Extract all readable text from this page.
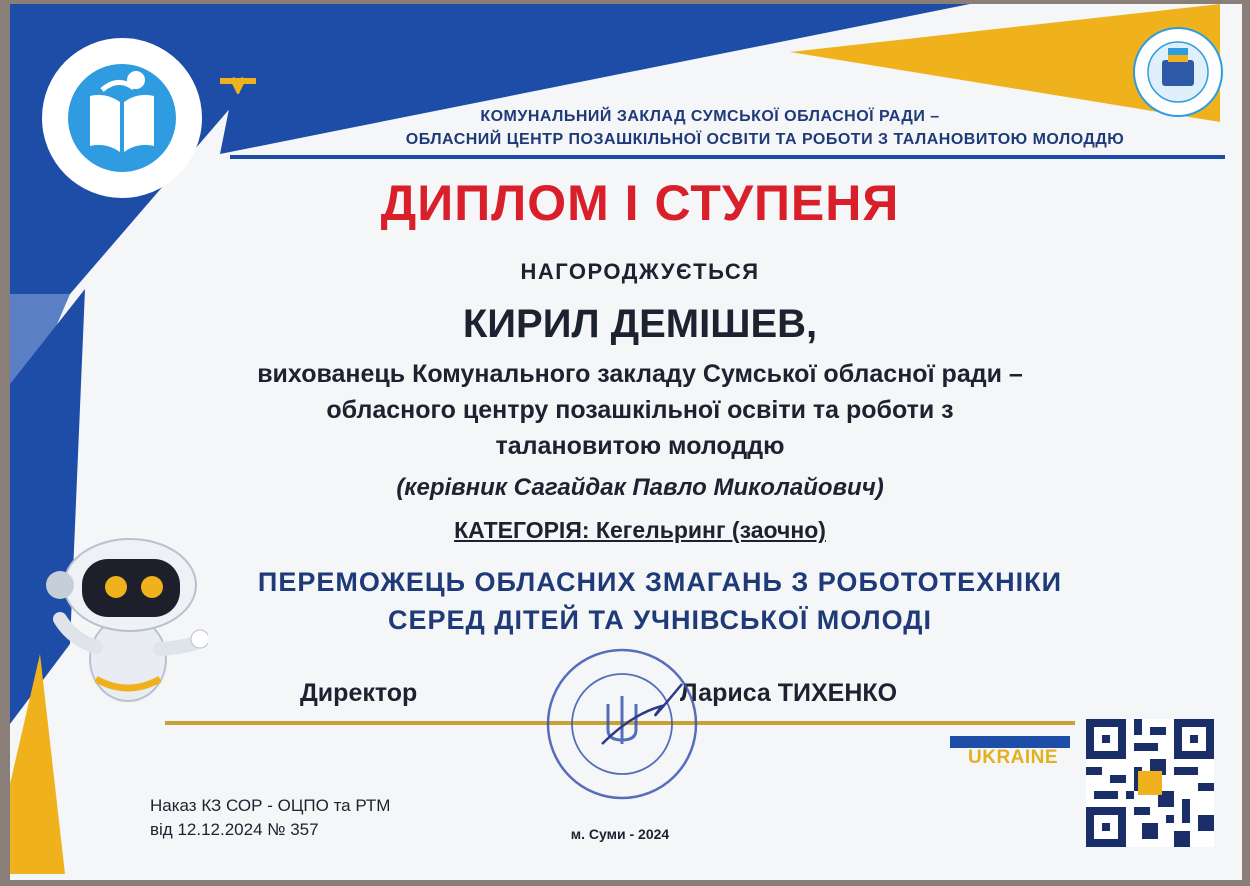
КОМУНАЛЬНИЙ ЗАКЛАД СУМСЬКОЇ ОБЛАСНОЇ РАДИ –
ОБЛАСНИЙ ЦЕНТР ПОЗАШКІЛЬНОЇ ОСВІТИ ТА РОБОТИ З ТАЛАНОВИТОЮ МОЛОДДЮ
ДИПЛОМ І СТУПЕНЯ
НАГОРОДЖУЄТЬСЯ
КИРИЛ ДЕМІШЕВ,
вихованець Комунального закладу Сумської обласної ради –
обласного центру позашкільної освіти та роботи з
талановитою молоддю
(керівник Сагайдак Павло Миколайович)
КАТЕГОРІЯ: Кегельринг (заочно)
ПЕРЕМОЖЕЦЬ ОБЛАСНИХ ЗМАГАНЬ З РОБОТОТЕХНІКИ
СЕРЕД ДІТЕЙ ТА УЧНІВСЬКОЇ МОЛОДІ
Директор	Лариса ТИХЕНКО
Наказ КЗ СОР - ОЦПО та РТМ
від 12.12.2024 № 357	м. Суми - 2024
UKRAINE
